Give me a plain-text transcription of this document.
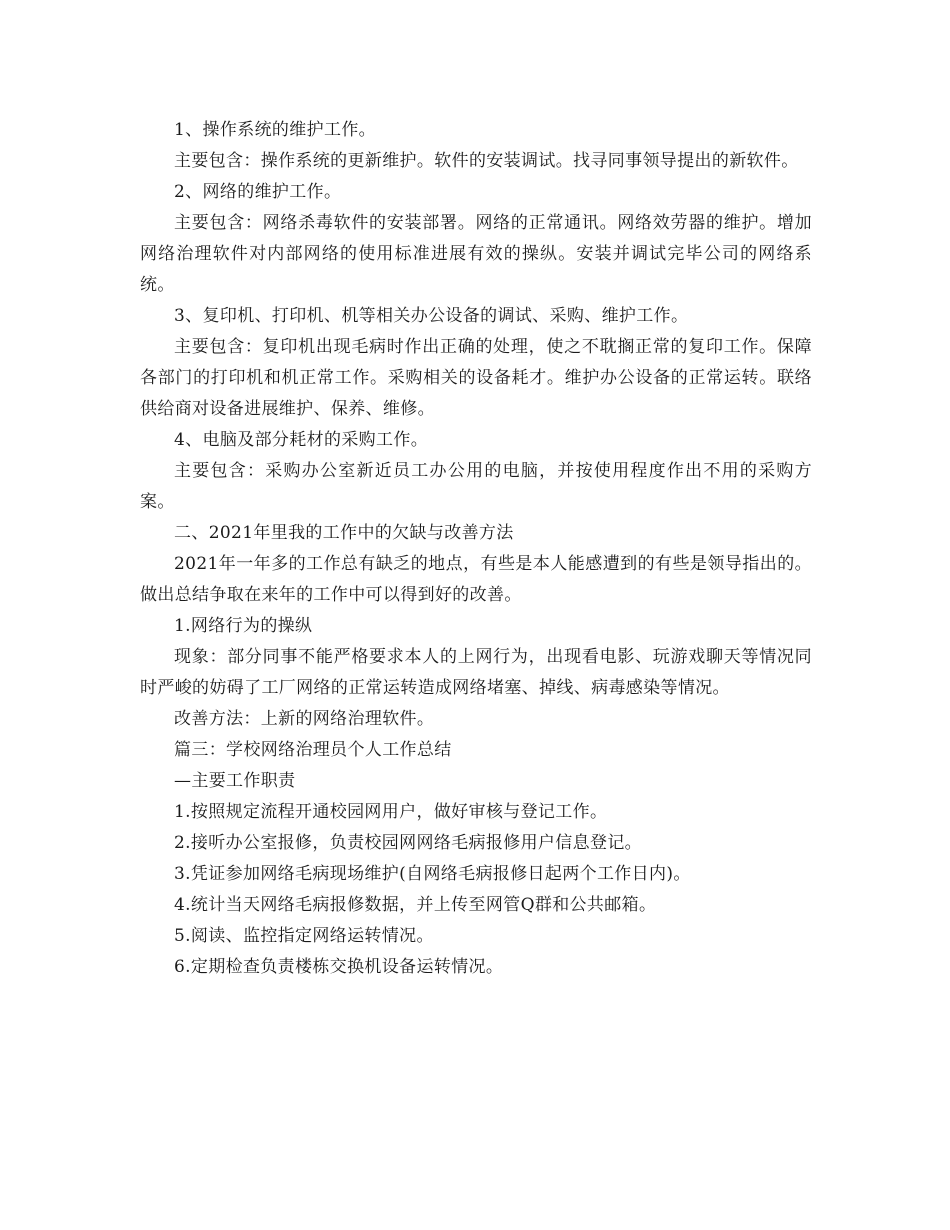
1、操作系统的维护工作。

主要包含：操作系统的更新维护。软件的安装调试。找寻同事领导提出的新软件。

2、网络的维护工作。

主要包含：网络杀毒软件的安装部署。网络的正常通讯。网络效劳器的维护。增加网络治理软件对内部网络的使用标准进展有效的操纵。安装并调试完毕公司的网络系统。

3、复印机、打印机、机等相关办公设备的调试、采购、维护工作。

主要包含：复印机出现毛病时作出正确的处理，使之不耽搁正常的复印工作。保障各部门的打印机和机正常工作。采购相关的设备耗才。维护办公设备的正常运转。联络供给商对设备进展维护、保养、维修。

4、电脑及部分耗材的采购工作。

主要包含：采购办公室新近员工办公用的电脑，并按使用程度作出不用的采购方案。

二、2021年里我的工作中的欠缺与改善方法

2021年一年多的工作总有缺乏的地点，有些是本人能感遭到的有些是领导指出的。做出总结争取在来年的工作中可以得到好的改善。

1.网络行为的操纵

现象：部分同事不能严格要求本人的上网行为，出现看电影、玩游戏聊天等情况同时严峻的妨碍了工厂网络的正常运转造成网络堵塞、掉线、病毒感染等情况。

改善方法：上新的网络治理软件。

篇三：学校网络治理员个人工作总结

—主要工作职责

1.按照规定流程开通校园网用户，做好审核与登记工作。

2.接听办公室报修，负责校园网网络毛病报修用户信息登记。

3.凭证参加网络毛病现场维护(自网络毛病报修日起两个工作日内)。

4.统计当天网络毛病报修数据，并上传至网管Q群和公共邮箱。

5.阅读、监控指定网络运转情况。

6.定期检查负责楼栋交换机设备运转情况。
